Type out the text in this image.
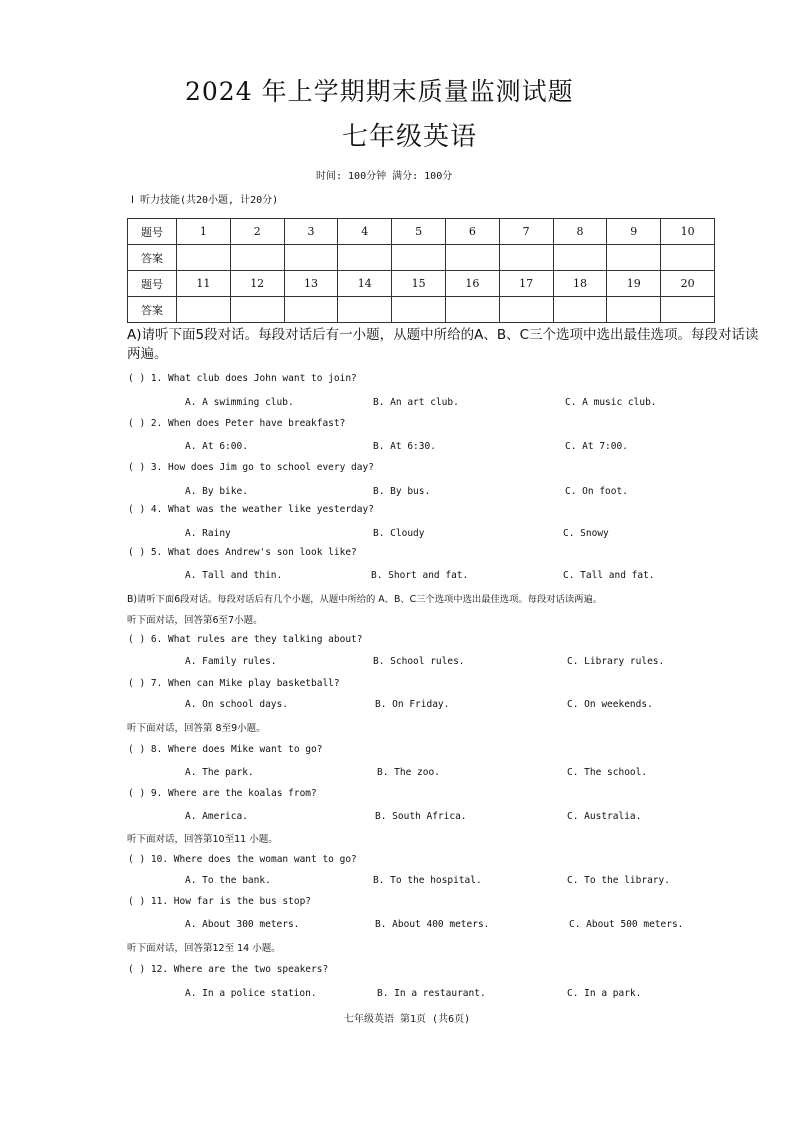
2024 年上学期期末质量监测试题
七年级英语
时间: 100分钟 满分: 100分
Ⅰ 听力技能(共20小题, 计20分)
题号	1	2	3	4	5	6	7	8	9	10
答案										
题号	11	12	13	14	15	16	17	18	19	20
答案										
A)请听下面5段对话。每段对话后有一小题，从题中所给的A、B、C三个选项中选出最佳选项。每段对话读两遍。
( ) 1. What club does John want to join?
A. A swimming club.	B. An art club.	C. A music club.
( ) 2. When does Peter have breakfast?
A. At 6:00.	B. At 6:30.	C. At 7:00.
( ) 3. How does Jim go to school every day?
A. By bike.	B. By bus.	C. On foot.
( ) 4. What was the weather like yesterday?
A. Rainy	B. Cloudy	C. Snowy
( ) 5. What does Andrew's son look like?
A. Tall and thin.	B. Short and fat.	C. Tall and fat.
B)请听下面6段对话。每段对话后有几个小题，从题中所给的 A、B、C三个选项中选出最佳选项。每段对话读两遍。
听下面对话，回答第6至7小题。
( ) 6. What rules are they talking about?
A. Family rules.	B. School rules.	C. Library rules.
( ) 7. When can Mike play basketball?
A. On school days.	B. On Friday.	C. On weekends.
听下面对话，回答第 8至9小题。
( ) 8. Where does Mike want to go?
A. The park.	B. The zoo.	C. The school.
( ) 9. Where are the koalas from?
A. America.	B. South Africa.	C. Australia.
听下面对话，回答第10至11 小题。
( ) 10. Where does the woman want to go?
A. To the bank.	B. To the hospital.	C. To the library.
( ) 11. How far is the bus stop?
A. About 300 meters.	B. About 400 meters.	C. About 500 meters.
听下面对话，回答第12至 14 小题。
( ) 12. Where are the two speakers?
A. In a police station.	B. In a restaurant.	C. In a park.
七年级英语 第1页 (共6页)
